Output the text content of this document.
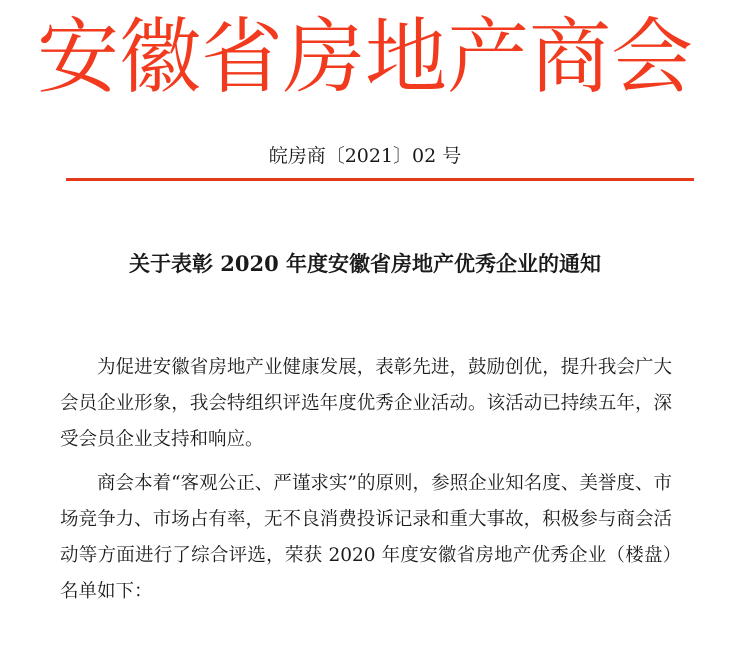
安徽省房地产商会

皖房商〔2021〕02 号

关于表彰 2020 年度安徽省房地产优秀企业的通知

为促进安徽省房地产业健康发展，表彰先进，鼓励创优，提升我会广大会员企业形象，我会特组织评选年度优秀企业活动。该活动已持续五年，深受会员企业支持和响应。

商会本着“客观公正、严谨求实”的原则，参照企业知名度、美誉度、市场竞争力、市场占有率，无不良消费投诉记录和重大事故，积极参与商会活动等方面进行了综合评选，荣获 2020 年度安徽省房地产优秀企业（楼盘）名单如下：
